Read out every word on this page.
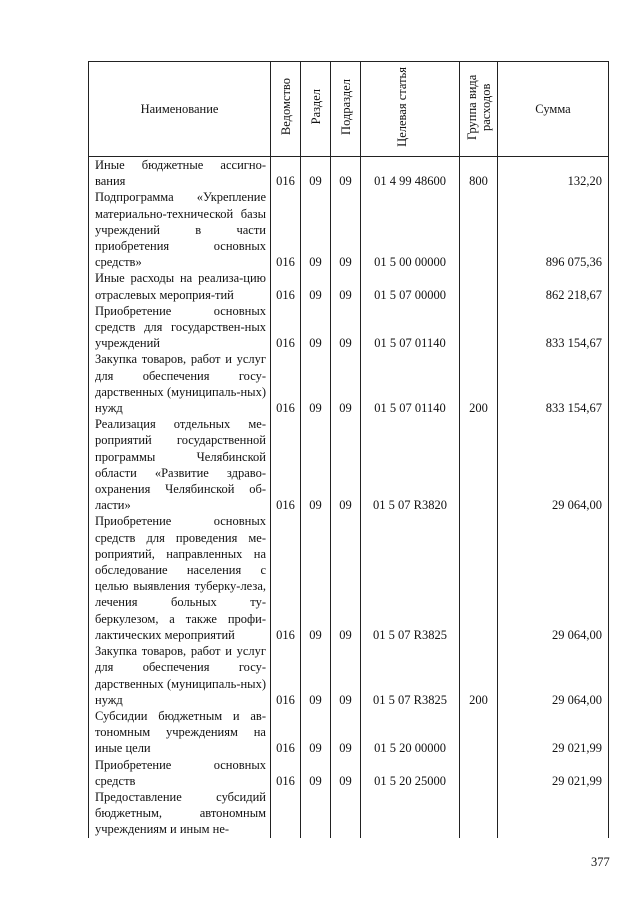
Наименование	Ведомство	Раздел	Подраздел	Целевая статья	Группа вида расходов	Сумма

Иные бюджетные ассигно-вания	016	09	09	01 4 99 48600	800	132,20

Подпрограмма «Укрепление материально-технической базы учреждений в части приобретения основных средств»	016	09	09	01 5 00 00000		896 075,36

Иные расходы на реализа-цию отраслевых мероприя-тий	016	09	09	01 5 07 00000		862 218,67

Приобретение основных средств для государствен-ных учреждений	016	09	09	01 5 07 01140		833 154,67

Закупка товаров, работ и услуг для обеспечения госу-дарственных (муниципаль-ных) нужд	016	09	09	01 5 07 01140	200	833 154,67

Реализация отдельных ме-роприятий государственной программы Челябинской области «Развитие здраво-охранения Челябинской об-ласти»	016	09	09	01 5 07 R3820		29 064,00

Приобретение основных средств для проведения ме-роприятий, направленных на обследование населения с целью выявления туберку-леза, лечения больных ту-беркулезом, а также профи-лактических мероприятий	016	09	09	01 5 07 R3825		29 064,00

Закупка товаров, работ и услуг для обеспечения госу-дарственных (муниципаль-ных) нужд	016	09	09	01 5 07 R3825	200	29 064,00

Субсидии бюджетным и ав-тономным учреждениям на иные цели	016	09	09	01 5 20 00000		29 021,99

Приобретение основных средств	016	09	09	01 5 20 25000		29 021,99

Предоставление субсидий бюджетным, автономным учреждениям и иным не-						

377
